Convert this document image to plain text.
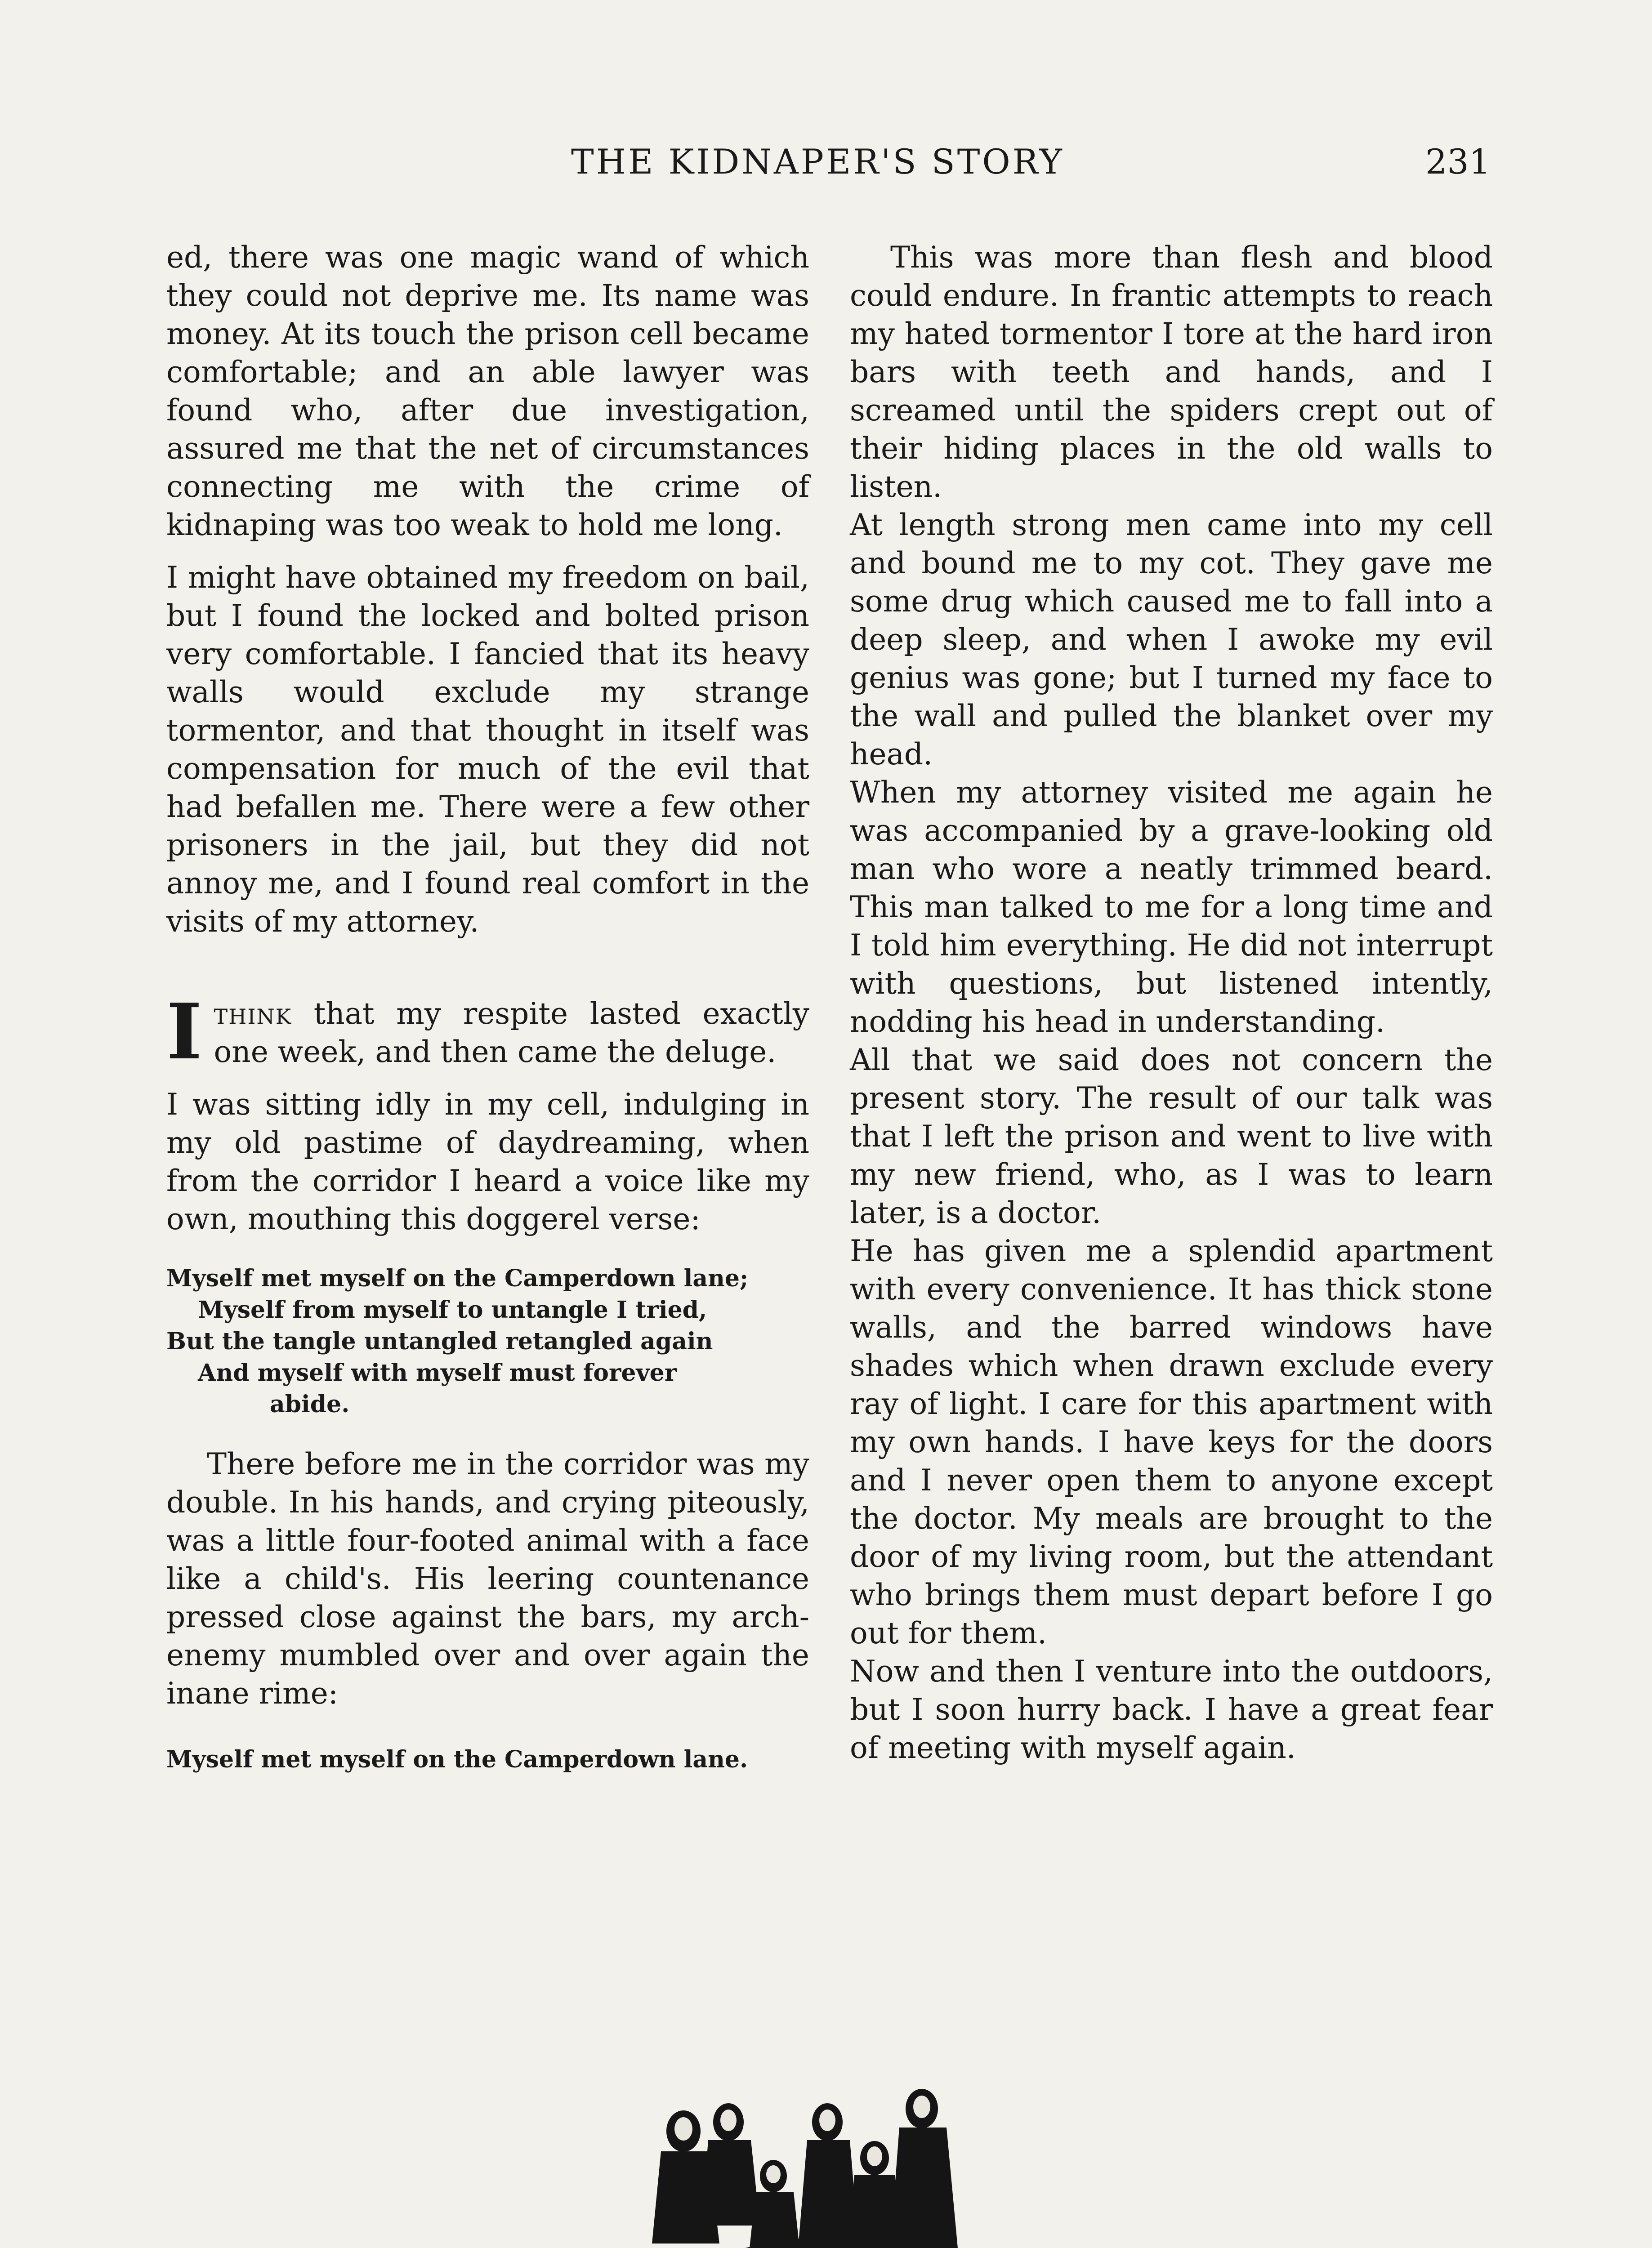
THE KIDNAPER'S STORY	231

ed, there was one magic wand of which they could not deprive me. Its name was money. At its touch the prison cell became comfortable; and an able lawyer was found who, after due investigation, assured me that the net of circumstances connecting me with the crime of kidnaping was too weak to hold me long.

I might have obtained my freedom on bail, but I found the locked and bolted prison very comfortable. I fancied that its heavy walls would exclude my strange tormentor, and that thought in itself was compensation for much of the evil that had befallen me. There were a few other prisoners in the jail, but they did not annoy me, and I found real comfort in the visits of my attorney.

Ithink that my respite lasted exactly one week, and then came the deluge.

I was sitting idly in my cell, indulging in my old pastime of daydreaming, when from the corridor I heard a voice like my own, mouthing this doggerel verse:

Myself met myself on the Camperdown lane;
Myself from myself to untangle I tried,
But the tangle untangled retangled again
And myself with myself must forever
abide.

There before me in the corridor was my double. In his hands, and crying piteously, was a little four-footed animal with a face like a child's. His leering countenance pressed close against the bars, my arch-enemy mumbled over and over again the inane rime:

Myself met myself on the Camperdown lane.

This was more than flesh and blood could endure. In frantic attempts to reach my hated tormentor I tore at the hard iron bars with teeth and hands, and I screamed until the spiders crept out of their hiding places in the old walls to listen.

At length strong men came into my cell and bound me to my cot. They gave me some drug which caused me to fall into a deep sleep, and when I awoke my evil genius was gone; but I turned my face to the wall and pulled the blanket over my head.

When my attorney visited me again he was accompanied by a grave-looking old man who wore a neatly trimmed beard. This man talked to me for a long time and I told him everything. He did not interrupt with questions, but listened intently, nodding his head in understanding.

All that we said does not concern the present story. The result of our talk was that I left the prison and went to live with my new friend, who, as I was to learn later, is a doctor.

He has given me a splendid apartment with every convenience. It has thick stone walls, and the barred windows have shades which when drawn exclude every ray of light. I care for this apartment with my own hands. I have keys for the doors and I never open them to anyone except the doctor. My meals are brought to the door of my living room, but the attendant who brings them must depart before I go out for them.

Now and then I venture into the outdoors, but I soon hurry back. I have a great fear of meeting with myself again.
